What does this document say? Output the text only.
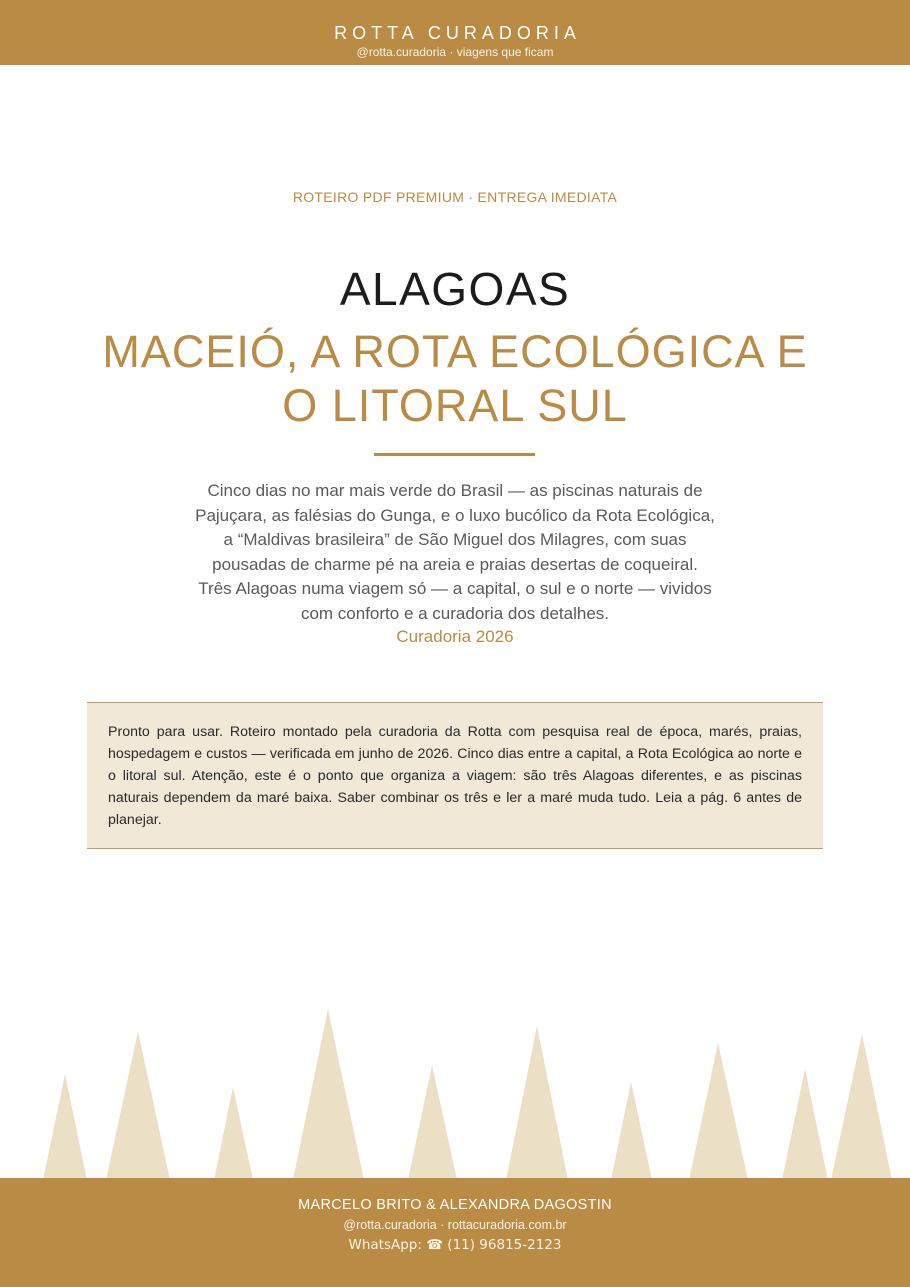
ROTTA CURADORIA
@rotta.curadoria · viagens que ficam
ROTEIRO PDF PREMIUM · ENTREGA IMEDIATA
ALAGOAS
MACEIÓ, A ROTA ECOLÓGICA E O LITORAL SUL
Cinco dias no mar mais verde do Brasil — as piscinas naturais de Pajuçara, as falésias do Gunga, e o luxo bucólico da Rota Ecológica, a “Maldivas brasileira” de São Miguel dos Milagres, com suas pousadas de charme pé na areia e praias desertas de coqueiral. Três Alagoas numa viagem só — a capital, o sul e o norte — vividos com conforto e a curadoria dos detalhes.
Curadoria 2026
Pronto para usar. Roteiro montado pela curadoria da Rotta com pesquisa real de época, marés, praias, hospedagem e custos — verificada em junho de 2026. Cinco dias entre a capital, a Rota Ecológica ao norte e o litoral sul. Atenção, este é o ponto que organiza a viagem: são três Alagoas diferentes, e as piscinas naturais dependem da maré baixa. Saber combinar os três e ler a maré muda tudo. Leia a pág. 6 antes de planejar.
MARCELO BRITO & ALEXANDRA DAGOSTIN
@rotta.curadoria · rottacuradoria.com.br
WhatsApp: ☎ (11) 96815-2123
